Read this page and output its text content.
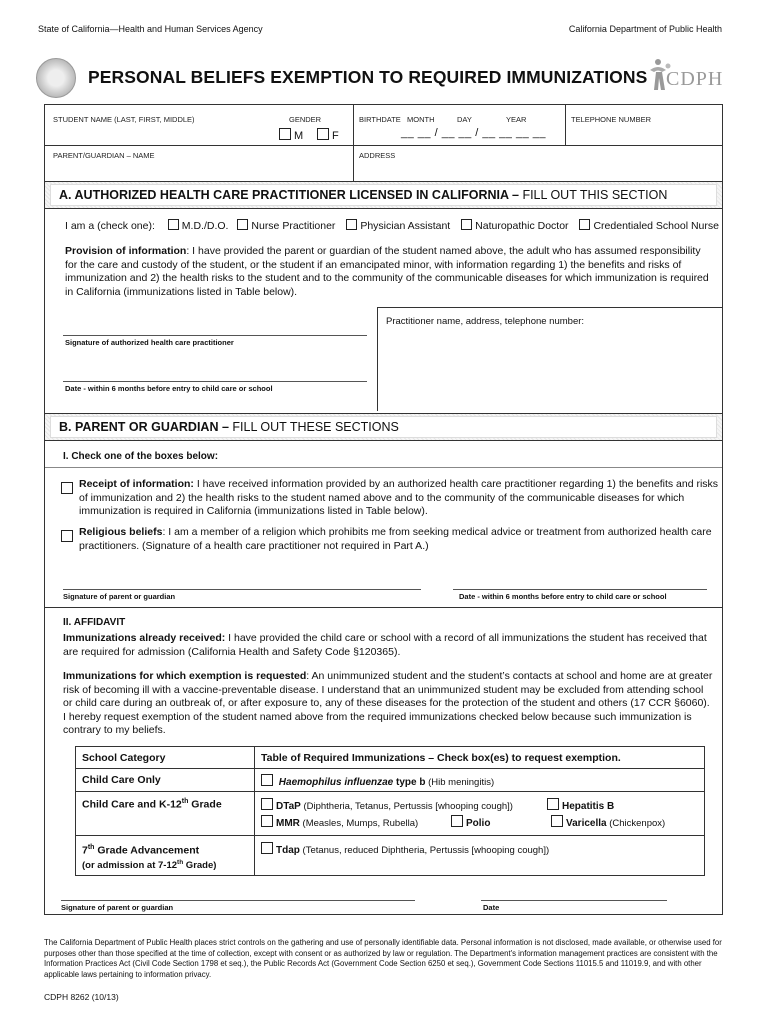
State of California—Health and Human Services Agency	California Department of Public Health
PERSONAL BELIEFS EXEMPTION TO REQUIRED IMMUNIZATIONS CDPH
STUDENT NAME (LAST, FIRST, MIDDLE)	GENDER
M	F
BIRTHDATE MONTH	DAY	YEAR
__ __ / __ __ / __ __ __ __
TELEPHONE NUMBER
PARENT/GUARDIAN – NAME	ADDRESS
A. AUTHORIZED HEALTH CARE PRACTITIONER LICENSED IN CALIFORNIA – FILL OUT THIS SECTION
I am a (check one):	M.D./D.O. Nurse Practitioner Physician Assistant Naturopathic Doctor Credentialed School Nurse
Provision of information: I have provided the parent or guardian of the student named above, the adult who has assumed responsibility for the care and custody of the student, or the student if an emancipated minor, with information regarding 1) the benefits and risks of immunization and 2) the health risks to the student and to the community of the communicable diseases for which immunization is required in California (immunizations listed in Table below).
Practitioner name, address, telephone number:
Signature of authorized health care practitioner
Date - within 6 months before entry to child care or school
B. PARENT OR GUARDIAN – FILL OUT THESE SECTIONS
I. Check one of the boxes below:
Receipt of information: I have received information provided by an authorized health care practitioner regarding 1) the benefits and risks of immunization and 2) the health risks to the student named above and to the community of the communicable diseases for which immunization is required in California (immunizations listed in Table below).
Religious beliefs: I am a member of a religion which prohibits me from seeking medical advice or treatment from authorized health care practitioners. (Signature of a health care practitioner not required in Part A.)
Signature of parent or guardian	Date - within 6 months before entry to child care or school
II. AFFIDAVIT
Immunizations already received: I have provided the child care or school with a record of all immunizations the student has received that are required for admission (California Health and Safety Code §120365).
Immunizations for which exemption is requested: An unimmunized student and the student’s contacts at school and home are at greater risk of becoming ill with a vaccine-preventable disease. I understand that an unimmunized student may be excluded from attending school or child care during an outbreak of, or after exposure to, any of these diseases for the protection of the student and others (17 CCR §6060). I hereby request exemption of the student named above from the required immunizations checked below because such immunization is contrary to my beliefs.
School Category	Table of Required Immunizations – Check box(es) to request exemption.
Child Care Only	Haemophilus influenzae type b (Hib meningitis)
Child Care and K-12th Grade	DTaP (Diphtheria, Tetanus, Pertussis [whooping cough]) Hepatitis B
MMR (Measles, Mumps, Rubella) Polio Varicella (Chickenpox)

7th Grade Advancement
(or admission at 7-12th Grade)	Tdap (Tetanus, reduced Diphtheria, Pertussis [whooping cough])
Signature of parent or guardian	Date
The California Department of Public Health places strict controls on the gathering and use of personally identifiable data. Personal information is not disclosed, made available, or otherwise used for purposes other than those specified at the time of collection, except with consent or as authorized by law or regulation. The Department's information management practices are consistent with the Information Practices Act (Civil Code Section 1798 et seq.), the Public Records Act (Government Code Section 6250 et seq.), Government Code Sections 11015.5 and 11019.9, and with other applicable laws pertaining to information privacy.
CDPH 8262 (10/13)
